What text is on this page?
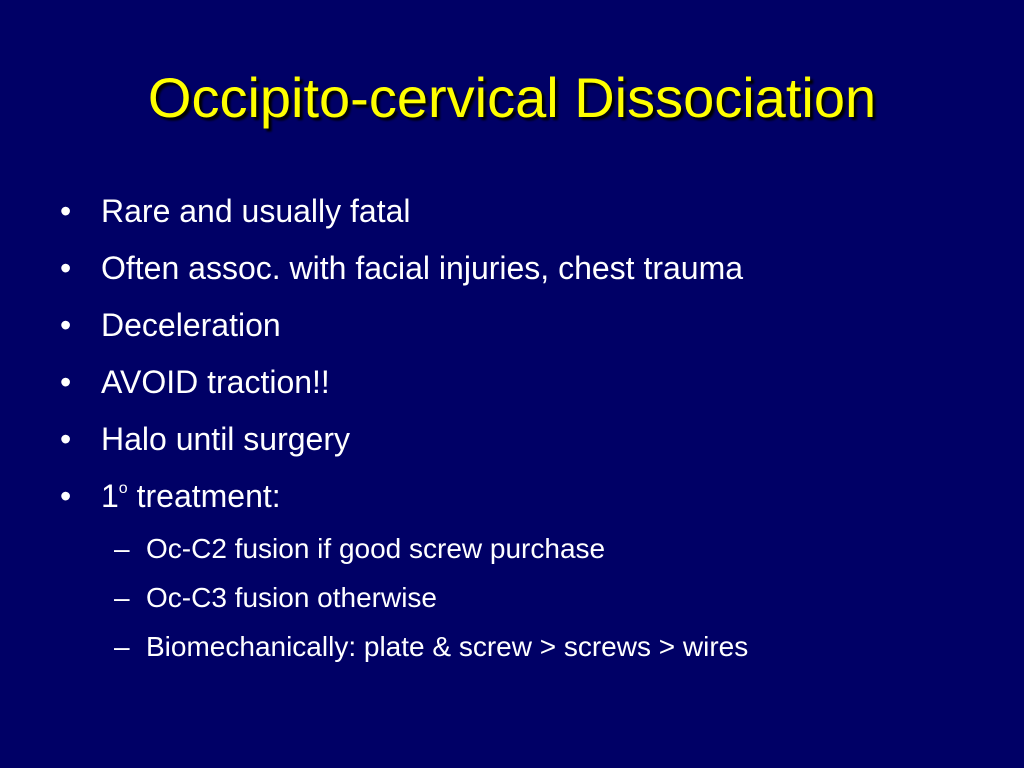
Occipito-cervical Dissociation
• Rare and usually fatal
• Often assoc. with facial injuries, chest trauma
• Deceleration
• AVOID traction!!
• Halo until surgery
• 1$^o$ treatment:
– Oc-C2 fusion if good screw purchase
– Oc-C3 fusion otherwise
– Biomechanically: plate & screw > screws > wires
